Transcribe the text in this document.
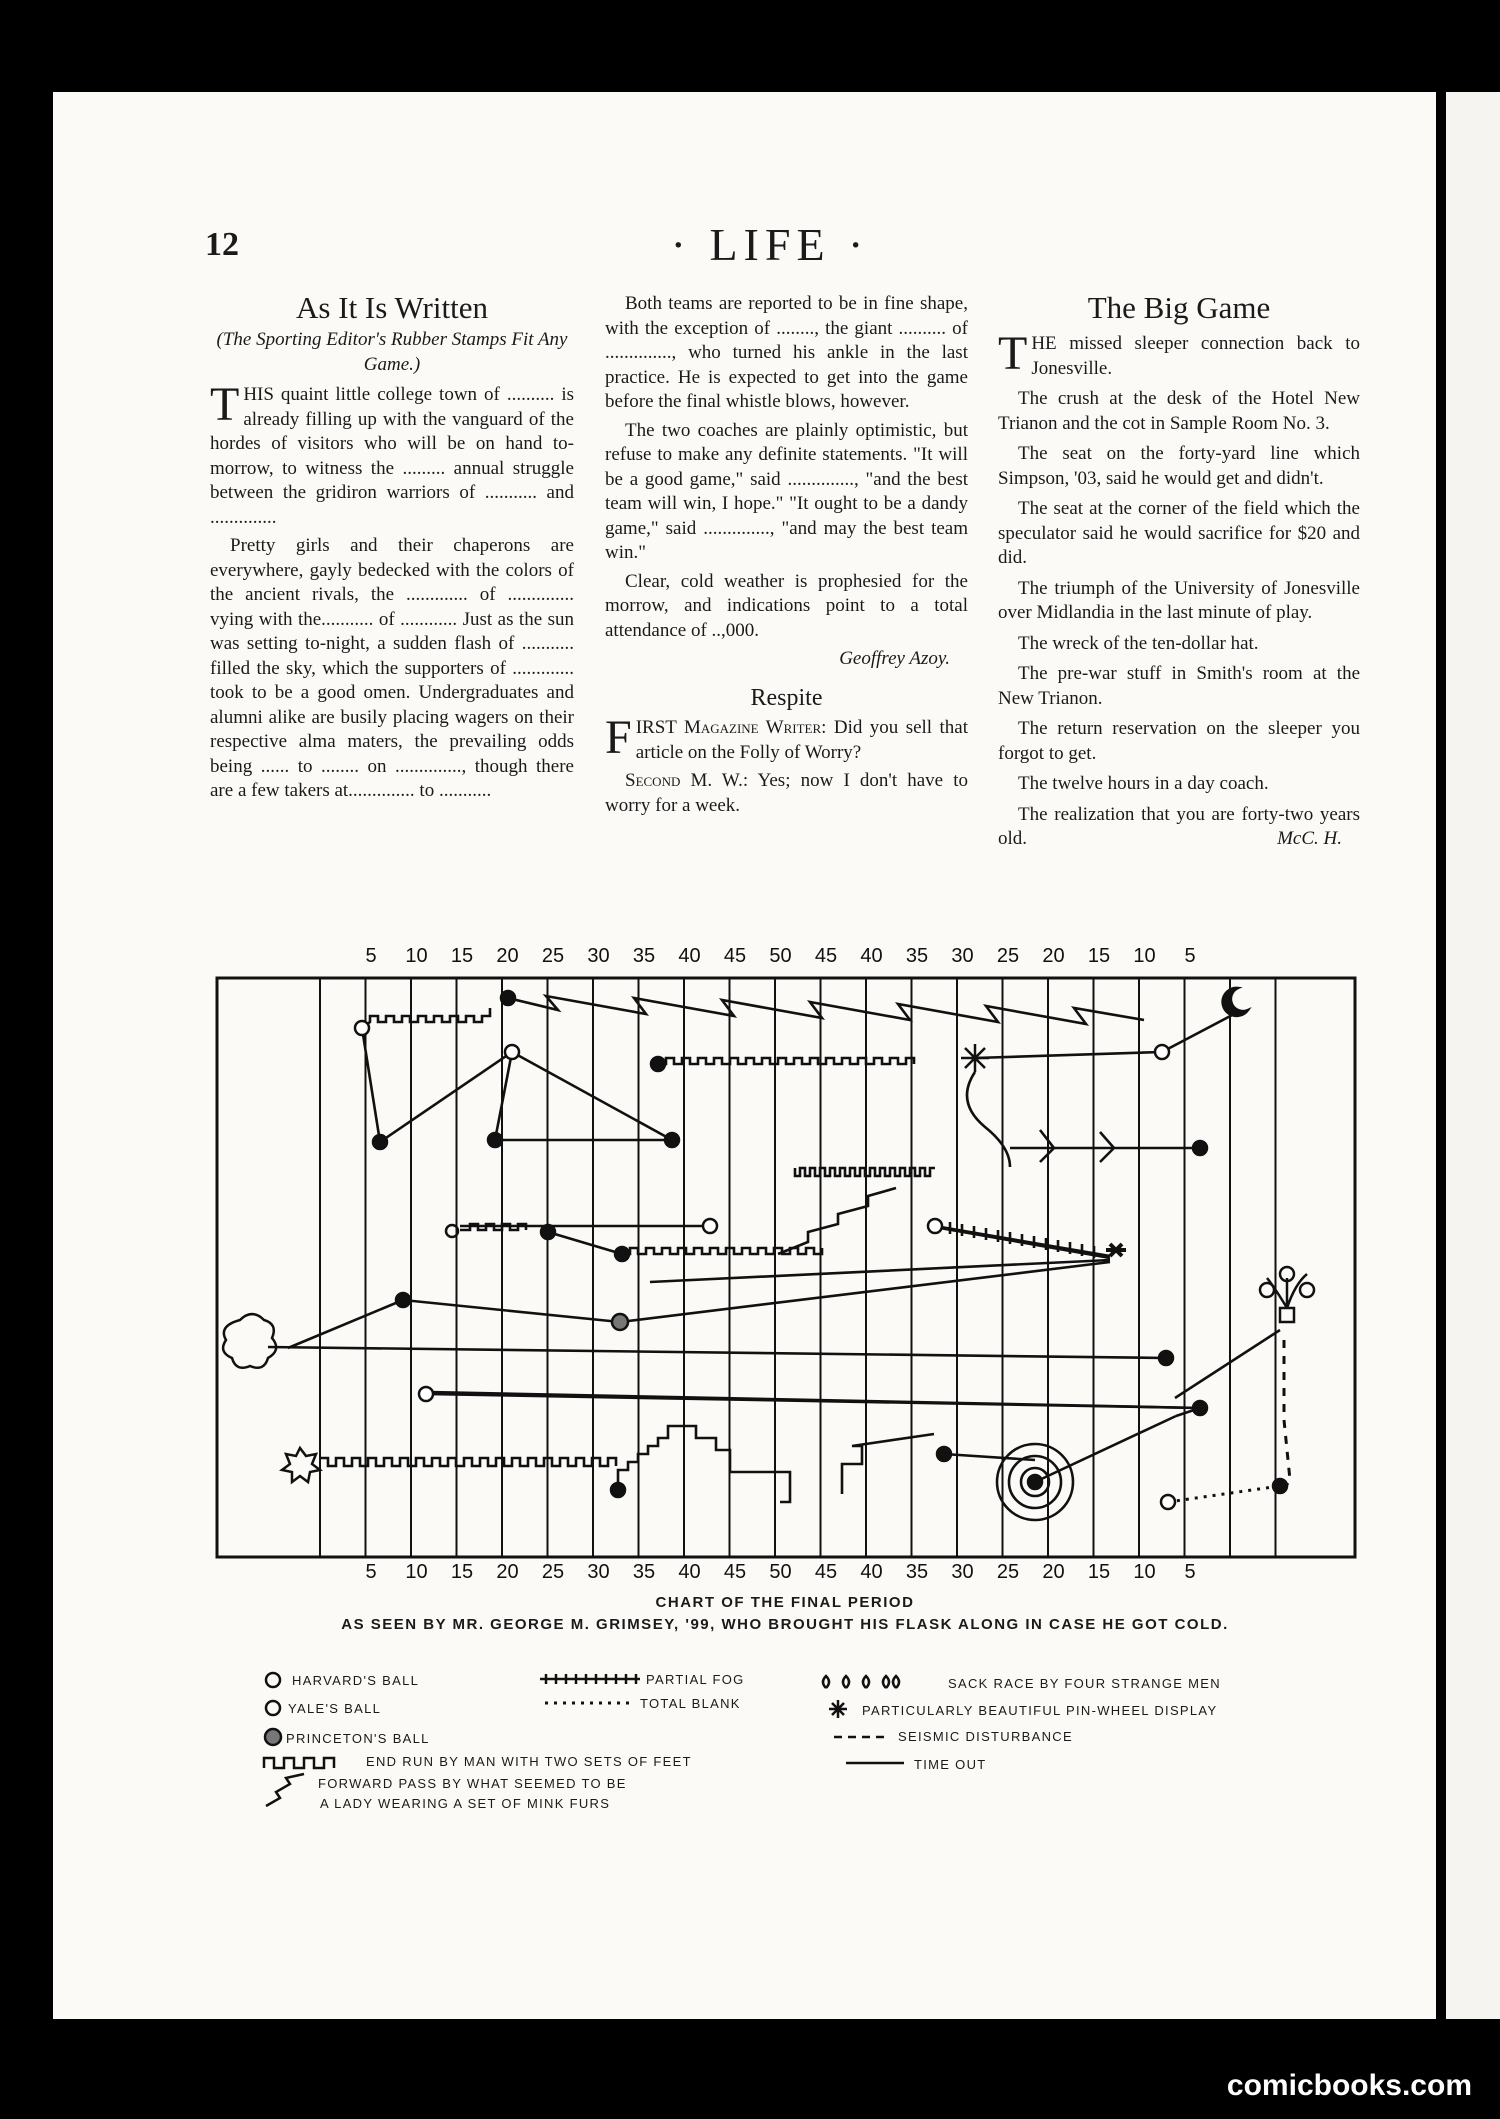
12	· LIFE ·
As It Is Written
(The Sporting Editor's Rubber Stamps Fit Any Game.)

THIS quaint little college town of .......... is already filling up with the vanguard of the hordes of visitors who will be on hand to-morrow, to witness the ......... annual struggle between the gridiron warriors of ........... and ..............

Pretty girls and their chaperons are everywhere, gayly bedecked with the colors of the ancient rivals, the ............. of .............. vying with the........... of ............ Just as the sun was setting to-night, a sudden flash of ........... filled the sky, which the supporters of ............. took to be a good omen. Undergraduates and alumni alike are busily placing wagers on their respective alma maters, the prevailing odds being ...... to ........ on .............., though there are a few takers at.............. to ...........

Both teams are reported to be in fine shape, with the exception of ........, the giant .......... of .............., who turned his ankle in the last practice. He is expected to get into the game before the final whistle blows, however.

The two coaches are plainly optimistic, but refuse to make any definite statements. "It will be a good game," said .............., "and the best team will win, I hope." "It ought to be a dandy game," said .............., "and may the best team win."

Clear, cold weather is prophesied for the morrow, and indications point to a total attendance of ..,000.

Geoffrey Azoy.

Respite

FIRST Magazine Writer: Did you sell that article on the Folly of Worry?

Second M. W.: Yes; now I don't have to worry for a week.

The Big Game

THE missed sleeper connection back to Jonesville.

The crush at the desk of the Hotel New Trianon and the cot in Sample Room No. 3.

The seat on the forty-yard line which Simpson, '03, said he would get and didn't.

The seat at the corner of the field which the speculator said he would sacrifice for $20 and did.

The triumph of the University of Jonesville over Midlandia in the last minute of play.

The wreck of the ten-dollar hat.

The pre-war stuff in Smith's room at the New Trianon.

The return reservation on the sleeper you forgot to get.

The twelve hours in a day coach.

The realization that you are forty-two years old.	McC. H.

5 10 15 20 25 30 35 40 45 50 45 40 35 30 25 20 15 10 5
5 10 15 20 25 30 35 40 45 50 45 40 35 30 25 20 15 10 5
CHART OF THE FINAL PERIOD
AS SEEN BY MR. GEORGE M. GRIMSEY, '99, WHO BROUGHT HIS FLASK ALONG IN CASE HE GOT COLD.
HARVARD'S BALL
YALE'S BALL
PRINCETON'S BALL
END RUN BY MAN WITH TWO SETS OF FEET
FORWARD PASS BY WHAT SEEMED TO BE
A LADY WEARING A SET OF MINK FURS
PARTIAL FOG
TOTAL BLANK
SACK RACE BY FOUR STRANGE MEN
PARTICULARLY BEAUTIFUL PIN-WHEEL DISPLAY
SEISMIC DISTURBANCE
TIME OUT
comicbooks.com
